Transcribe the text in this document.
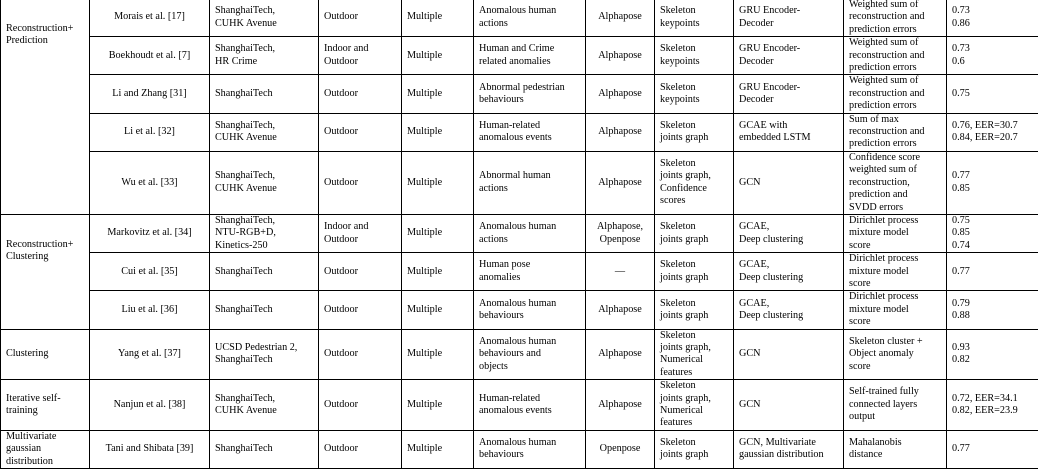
Reconstruction+
Prediction	Morais et al. [17]	ShanghaiTech,
CUHK Avenue	Outdoor	Multiple	Anomalous human
actions	Alphapose	Skeleton
keypoints	GRU Encoder-
Decoder	Weighted sum of
reconstruction and
prediction errors	0.73
0.86
	Boekhoudt et al. [7]	ShanghaiTech,
HR Crime	Indoor and
Outdoor	Multiple	Human and Crime
related anomalies	Alphapose	Skeleton
keypoints	GRU Encoder-
Decoder	Weighted sum of
reconstruction and
prediction errors	0.73
0.6
	Li and Zhang [31]	ShanghaiTech	Outdoor	Multiple	Abnormal pedestrian
behaviours	Alphapose	Skeleton
keypoints	GRU Encoder-
Decoder	Weighted sum of
reconstruction and
prediction errors	0.75
	Li et al. [32]	ShanghaiTech,
CUHK Avenue	Outdoor	Multiple	Human-related
anomalous events	Alphapose	Skeleton
joints graph	GCAE with
embedded LSTM	Sum of max
reconstruction and
prediction errors	0.76, EER=30.7
0.84, EER=20.7
	Wu et al. [33]	ShanghaiTech,
CUHK Avenue	Outdoor	Multiple	Abnormal human
actions	Alphapose	Skeleton
joints graph,
Confidence
scores	GCN	Confidence score
weighted sum of
reconstruction,
prediction and
SVDD errors	0.77
0.85
Reconstruction+
Clustering	Markovitz et al. [34]	ShanghaiTech,
NTU-RGB+D,
Kinetics-250	Indoor and
Outdoor	Multiple	Anomalous human
actions	Alphapose,
Openpose	Skeleton
joints graph	GCAE,
Deep clustering	Dirichlet process
mixture model
score	0.75
0.85
0.74
	Cui et al. [35]	ShanghaiTech	Outdoor	Multiple	Human pose
anomalies	—	Skeleton
joints graph	GCAE,
Deep clustering	Dirichlet process
mixture model
score	0.77
	Liu et al. [36]	ShanghaiTech	Outdoor	Multiple	Anomalous human
behaviours	Alphapose	Skeleton
joints graph	GCAE,
Deep clustering	Dirichlet process
mixture model
score	0.79
0.88
Clustering	Yang et al. [37]	UCSD Pedestrian 2,
ShanghaiTech	Outdoor	Multiple	Anomalous human
behaviours and
objects	Alphapose	Skeleton
joints graph,
Numerical
features	GCN	Skeleton cluster +
Object anomaly
score	0.93
0.82
Iterative self-
training	Nanjun et al. [38]	ShanghaiTech,
CUHK Avenue	Outdoor	Multiple	Human-related
anomalous events	Alphapose	Skeleton
joints graph,
Numerical
features	GCN	Self-trained fully
connected layers
output	0.72, EER=34.1
0.82, EER=23.9
Multivariate
gaussian
distribution	Tani and Shibata [39]	ShanghaiTech	Outdoor	Multiple	Anomalous human
behaviours	Openpose	Skeleton
joints graph	GCN, Multivariate
gaussian distribution	Mahalanobis
distance	0.77
